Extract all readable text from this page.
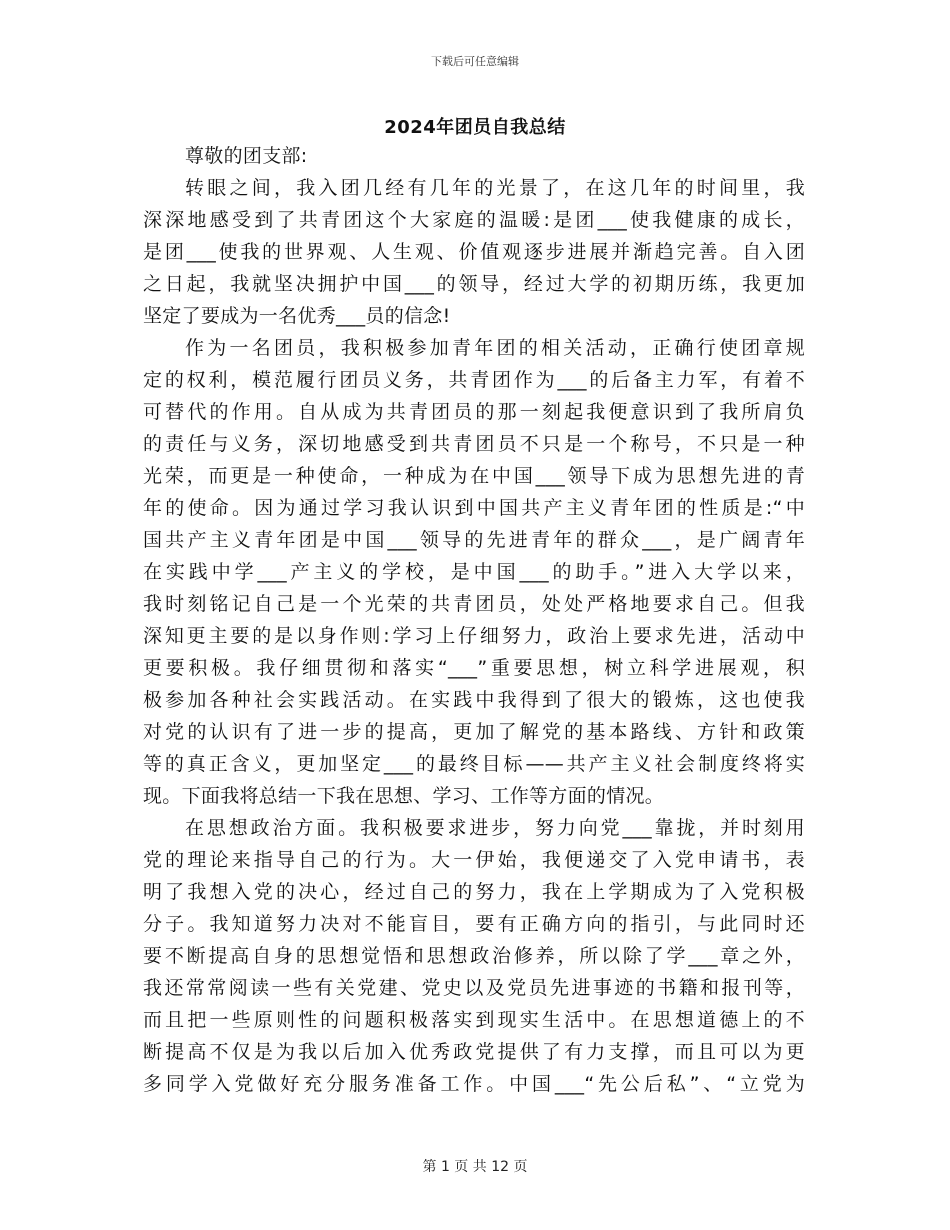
下载后可任意编辑
2024年团员自我总结
尊敬的团支部:
转眼之间，我入团几经有几年的光景了，在这几年的时间里，我
深深地感受到了共青团这个大家庭的温暖:是团___使我健康的成长，
是团___使我的世界观、人生观、价值观逐步进展并渐趋完善。自入团
之日起，我就坚决拥护中国___的领导，经过大学的初期历练，我更加
坚定了要成为一名优秀___员的信念!
作为一名团员，我积极参加青年团的相关活动，正确行使团章规
定的权利，模范履行团员义务，共青团作为___的后备主力军，有着不
可替代的作用。自从成为共青团员的那一刻起我便意识到了我所肩负
的责任与义务，深切地感受到共青团员不只是一个称号，不只是一种
光荣，而更是一种使命，一种成为在中国___领导下成为思想先进的青
年的使命。因为通过学习我认识到中国共产主义青年团的性质是:“中
国共产主义青年团是中国___领导的先进青年的群众___，是广阔青年
在实践中学___产主义的学校，是中国___的助手。”进入大学以来，
我时刻铭记自己是一个光荣的共青团员，处处严格地要求自己。但我
深知更主要的是以身作则:学习上仔细努力，政治上要求先进，活动中
更要积极。我仔细贯彻和落实“___”重要思想，树立科学进展观，积
极参加各种社会实践活动。在实践中我得到了很大的锻炼，这也使我
对党的认识有了进一步的提高，更加了解党的基本路线、方针和政策
等的真正含义，更加坚定___的最终目标——共产主义社会制度终将实
现。下面我将总结一下我在思想、学习、工作等方面的情况。
在思想政治方面。我积极要求进步，努力向党___靠拢，并时刻用
党的理论来指导自己的行为。大一伊始，我便递交了入党申请书，表
明了我想入党的决心，经过自己的努力，我在上学期成为了入党积极
分子。我知道努力决对不能盲目，要有正确方向的指引，与此同时还
要不断提高自身的思想觉悟和思想政治修养，所以除了学___章之外，
我还常常阅读一些有关党建、党史以及党员先进事迹的书籍和报刊等，
而且把一些原则性的问题积极落实到现实生活中。在思想道德上的不
断提高不仅是为我以后加入优秀政党提供了有力支撑，而且可以为更
多同学入党做好充分服务准备工作。中国___“先公后私”、“立党为
第 1 页 共 12 页
